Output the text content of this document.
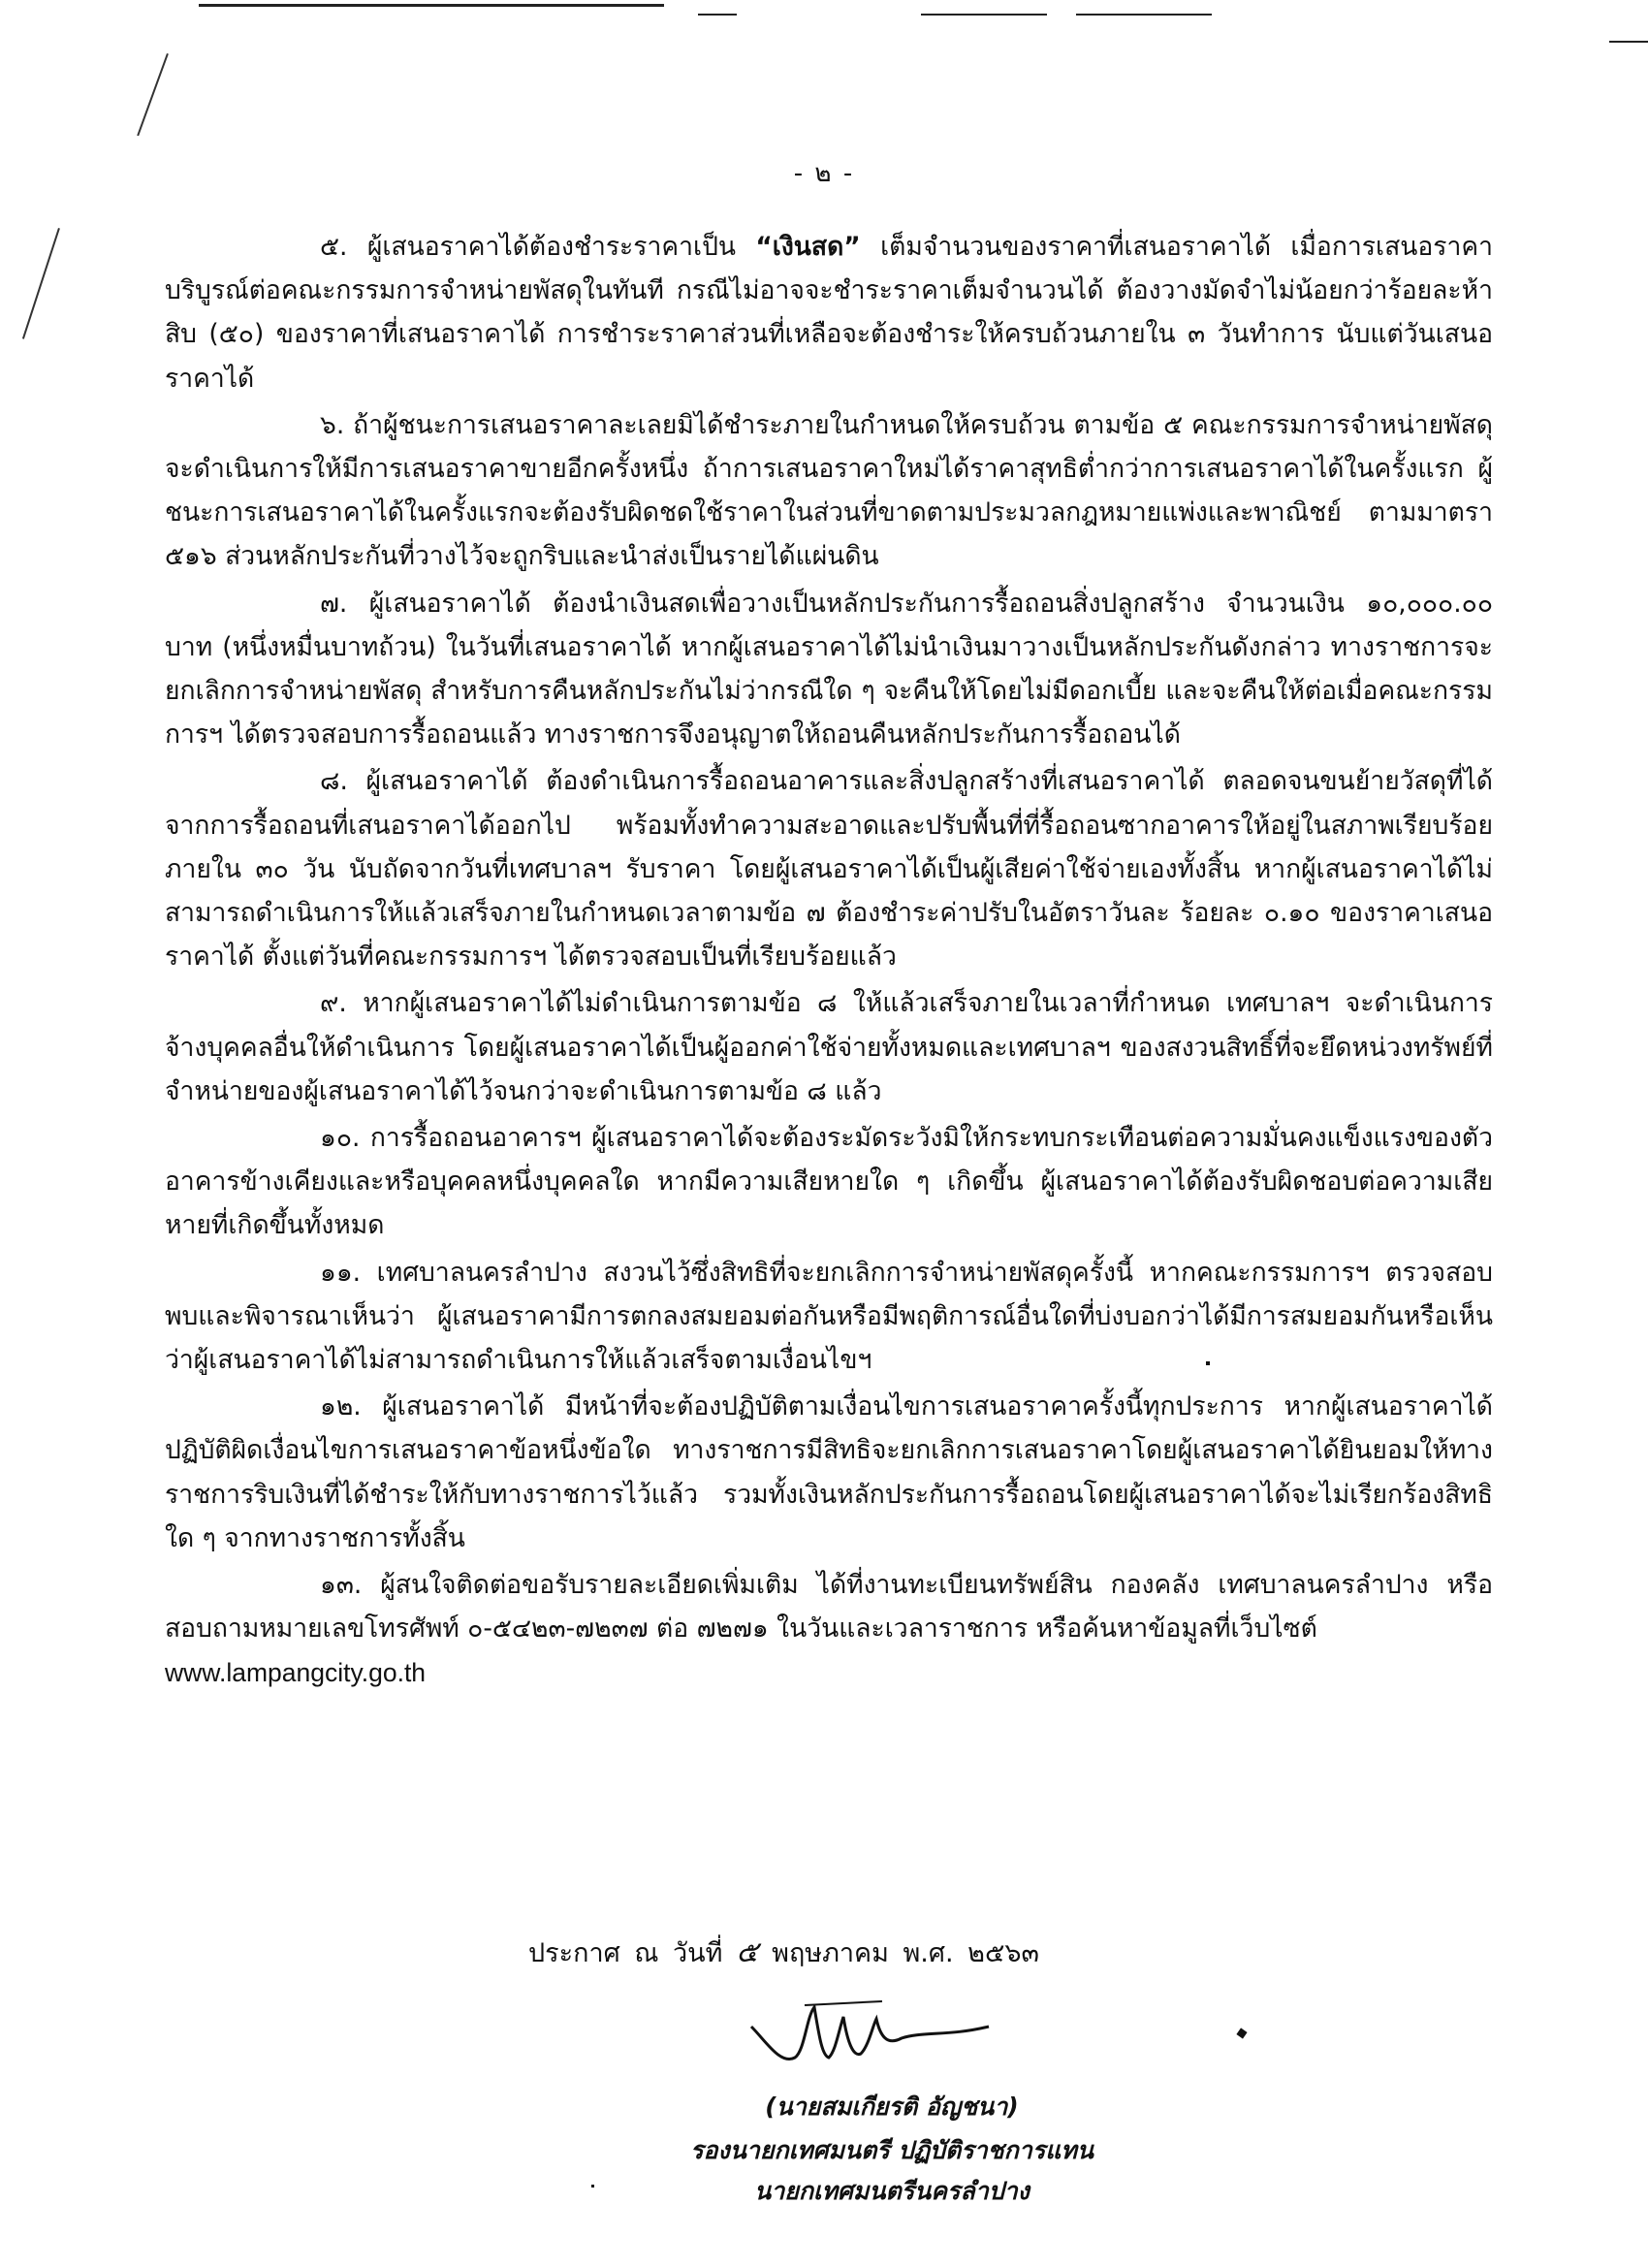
- ๒ -

๕. ผู้เสนอราคาได้ต้องชำระราคาเป็น “เงินสด” เต็มจำนวนของราคาที่เสนอราคาได้ เมื่อการเสนอราคาบริบูรณ์ต่อคณะกรรมการจำหน่ายพัสดุในทันที กรณีไม่อาจจะชำระราคาเต็มจำนวนได้ ต้องวางมัดจำไม่น้อยกว่าร้อยละห้าสิบ (๕๐) ของราคาที่เสนอราคาได้ การชำระราคาส่วนที่เหลือจะต้องชำระให้ครบถ้วนภายใน ๓ วันทำการ นับแต่วันเสนอราคาได้

๖. ถ้าผู้ชนะการเสนอราคาละเลยมิได้ชำระภายในกำหนดให้ครบถ้วน ตามข้อ ๕ คณะกรรมการจำหน่ายพัสดุ จะดำเนินการให้มีการเสนอราคาขายอีกครั้งหนึ่ง ถ้าการเสนอราคาใหม่ได้ราคาสุทธิต่ำกว่าการเสนอราคาได้ในครั้งแรก ผู้ชนะการเสนอราคาได้ในครั้งแรกจะต้องรับผิดชดใช้ราคาในส่วนที่ขาดตามประมวลกฎหมายแพ่งและพาณิชย์ ตามมาตรา ๕๑๖ ส่วนหลักประกันที่วางไว้จะถูกริบและนำส่งเป็นรายได้แผ่นดิน

๗. ผู้เสนอราคาได้ ต้องนำเงินสดเพื่อวางเป็นหลักประกันการรื้อถอนสิ่งปลูกสร้าง จำนวนเงิน ๑๐,๐๐๐.๐๐ บาท (หนึ่งหมื่นบาทถ้วน) ในวันที่เสนอราคาได้ หากผู้เสนอราคาได้ไม่นำเงินมาวางเป็นหลักประกันดังกล่าว ทางราชการจะยกเลิกการจำหน่ายพัสดุ สำหรับการคืนหลักประกันไม่ว่ากรณีใด ๆ จะคืนให้โดยไม่มีดอกเบี้ย และจะคืนให้ต่อเมื่อคณะกรรมการฯ ได้ตรวจสอบการรื้อถอนแล้ว ทางราชการจึงอนุญาตให้ถอนคืนหลักประกันการรื้อถอนได้

๘. ผู้เสนอราคาได้ ต้องดำเนินการรื้อถอนอาคารและสิ่งปลูกสร้างที่เสนอราคาได้ ตลอดจนขนย้ายวัสดุที่ได้จากการรื้อถอนที่เสนอราคาได้ออกไป พร้อมทั้งทำความสะอาดและปรับพื้นที่ที่รื้อถอนซากอาคารให้อยู่ในสภาพเรียบร้อย ภายใน ๓๐ วัน นับถัดจากวันที่เทศบาลฯ รับราคา โดยผู้เสนอราคาได้เป็นผู้เสียค่าใช้จ่ายเองทั้งสิ้น หากผู้เสนอราคาได้ไม่สามารถดำเนินการให้แล้วเสร็จภายในกำหนดเวลาตามข้อ ๗ ต้องชำระค่าปรับในอัตราวันละ ร้อยละ ๐.๑๐ ของราคาเสนอราคาได้ ตั้งแต่วันที่คณะกรรมการฯ ได้ตรวจสอบเป็นที่เรียบร้อยแล้ว

๙. หากผู้เสนอราคาได้ไม่ดำเนินการตามข้อ ๘ ให้แล้วเสร็จภายในเวลาที่กำหนด เทศบาลฯ จะดำเนินการจ้างบุคคลอื่นให้ดำเนินการ โดยผู้เสนอราคาได้เป็นผู้ออกค่าใช้จ่ายทั้งหมดและเทศบาลฯ ของสงวนสิทธิ์ที่จะยึดหน่วงทรัพย์ที่จำหน่ายของผู้เสนอราคาได้ไว้จนกว่าจะดำเนินการตามข้อ ๘ แล้ว

๑๐. การรื้อถอนอาคารฯ ผู้เสนอราคาได้จะต้องระมัดระวังมิให้กระทบกระเทือนต่อความมั่นคงแข็งแรงของตัวอาคารข้างเคียงและหรือบุคคลหนึ่งบุคคลใด หากมีความเสียหายใด ๆ เกิดขึ้น ผู้เสนอราคาได้ต้องรับผิดชอบต่อความเสียหายที่เกิดขึ้นทั้งหมด

๑๑. เทศบาลนครลำปาง สงวนไว้ซึ่งสิทธิที่จะยกเลิกการจำหน่ายพัสดุครั้งนี้ หากคณะกรรมการฯ ตรวจสอบพบและพิจารณาเห็นว่า ผู้เสนอราคามีการตกลงสมยอมต่อกันหรือมีพฤติการณ์อื่นใดที่บ่งบอกว่าได้มีการสมยอมกันหรือเห็นว่าผู้เสนอราคาได้ไม่สามารถดำเนินการให้แล้วเสร็จตามเงื่อนไขฯ

๑๒. ผู้เสนอราคาได้ มีหน้าที่จะต้องปฏิบัติตามเงื่อนไขการเสนอราคาครั้งนี้ทุกประการ หากผู้เสนอราคาได้ปฏิบัติผิดเงื่อนไขการเสนอราคาข้อหนึ่งข้อใด ทางราชการมีสิทธิจะยกเลิกการเสนอราคาโดยผู้เสนอราคาได้ยินยอมให้ทางราชการริบเงินที่ได้ชำระให้กับทางราชการไว้แล้ว รวมทั้งเงินหลักประกันการรื้อถอนโดยผู้เสนอราคาได้จะไม่เรียกร้องสิทธิใด ๆ จากทางราชการทั้งสิ้น

๑๓. ผู้สนใจติดต่อขอรับรายละเอียดเพิ่มเติม ได้ที่งานทะเบียนทรัพย์สิน กองคลัง เทศบาลนครลำปาง หรือสอบถามหมายเลขโทรศัพท์ ๐-๕๔๒๓-๗๒๓๗ ต่อ ๗๒๗๑ ในวันและเวลาราชการ หรือค้นหาข้อมูลที่เว็บไซต์
www.lampangcity.go.th

ประกาศ ณ วันที่ ๕ พฤษภาคม พ.ศ. ๒๕๖๓
(นายสมเกียรติ อัญชนา)
รองนายกเทศมนตรี ปฏิบัติราชการแทน
นายกเทศมนตรีนครลำปาง
